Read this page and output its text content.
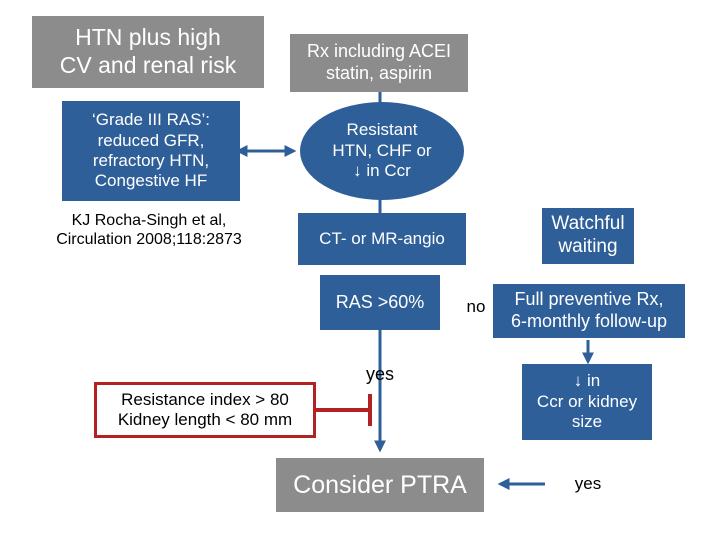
HTN plus high
CV and renal risk
Rx including ACEI
statin, aspirin
‘Grade III RAS’:
reduced GFR,
refractory HTN,
Congestive HF
KJ Rocha-Singh et al,
Circulation 2008;118:2873
Resistant
HTN, CHF or
↓ in Ccr
CT- or MR-angio
RAS >60%	no
Watchful
waiting
Full preventive Rx,
6-monthly follow-up
yes	↓ in
Ccr or kidney
size
Resistance index > 80
Kidney length < 80 mm
Consider PTRA	yes
